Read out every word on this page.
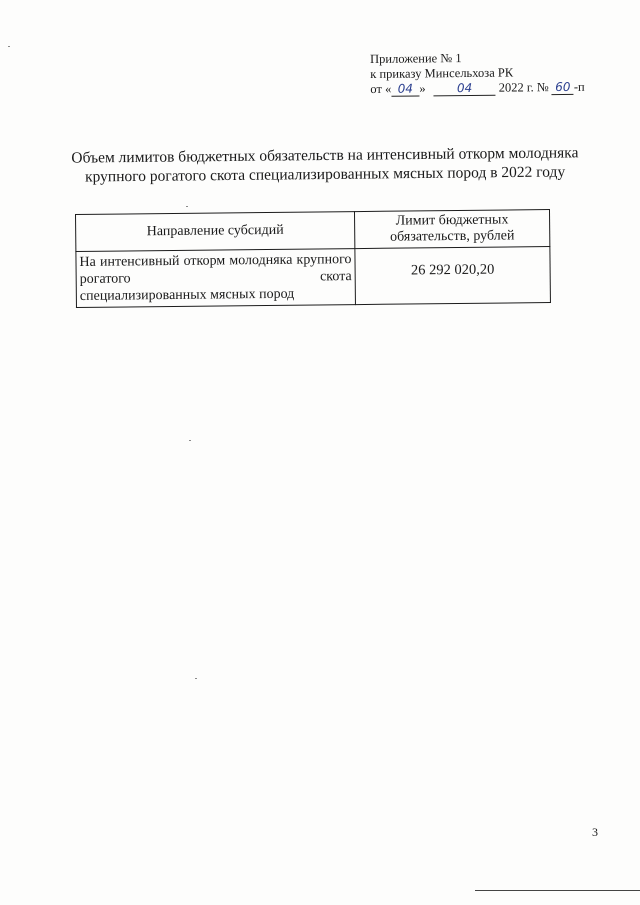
Приложение № 1
к приказу Минсельхоза РК
от « 04 »	04 2022 г. № 60 -п
Объем лимитов бюджетных обязательств на интенсивный откорм молодняка
крупного рогатого скота специализированных мясных пород в 2022 году
Направление субсидий	Лимит бюджетных обязательств, рублей
На интенсивный откорм молодняка крупного рогатого скота
специализированных мясных пород	26 292 020,20
3
